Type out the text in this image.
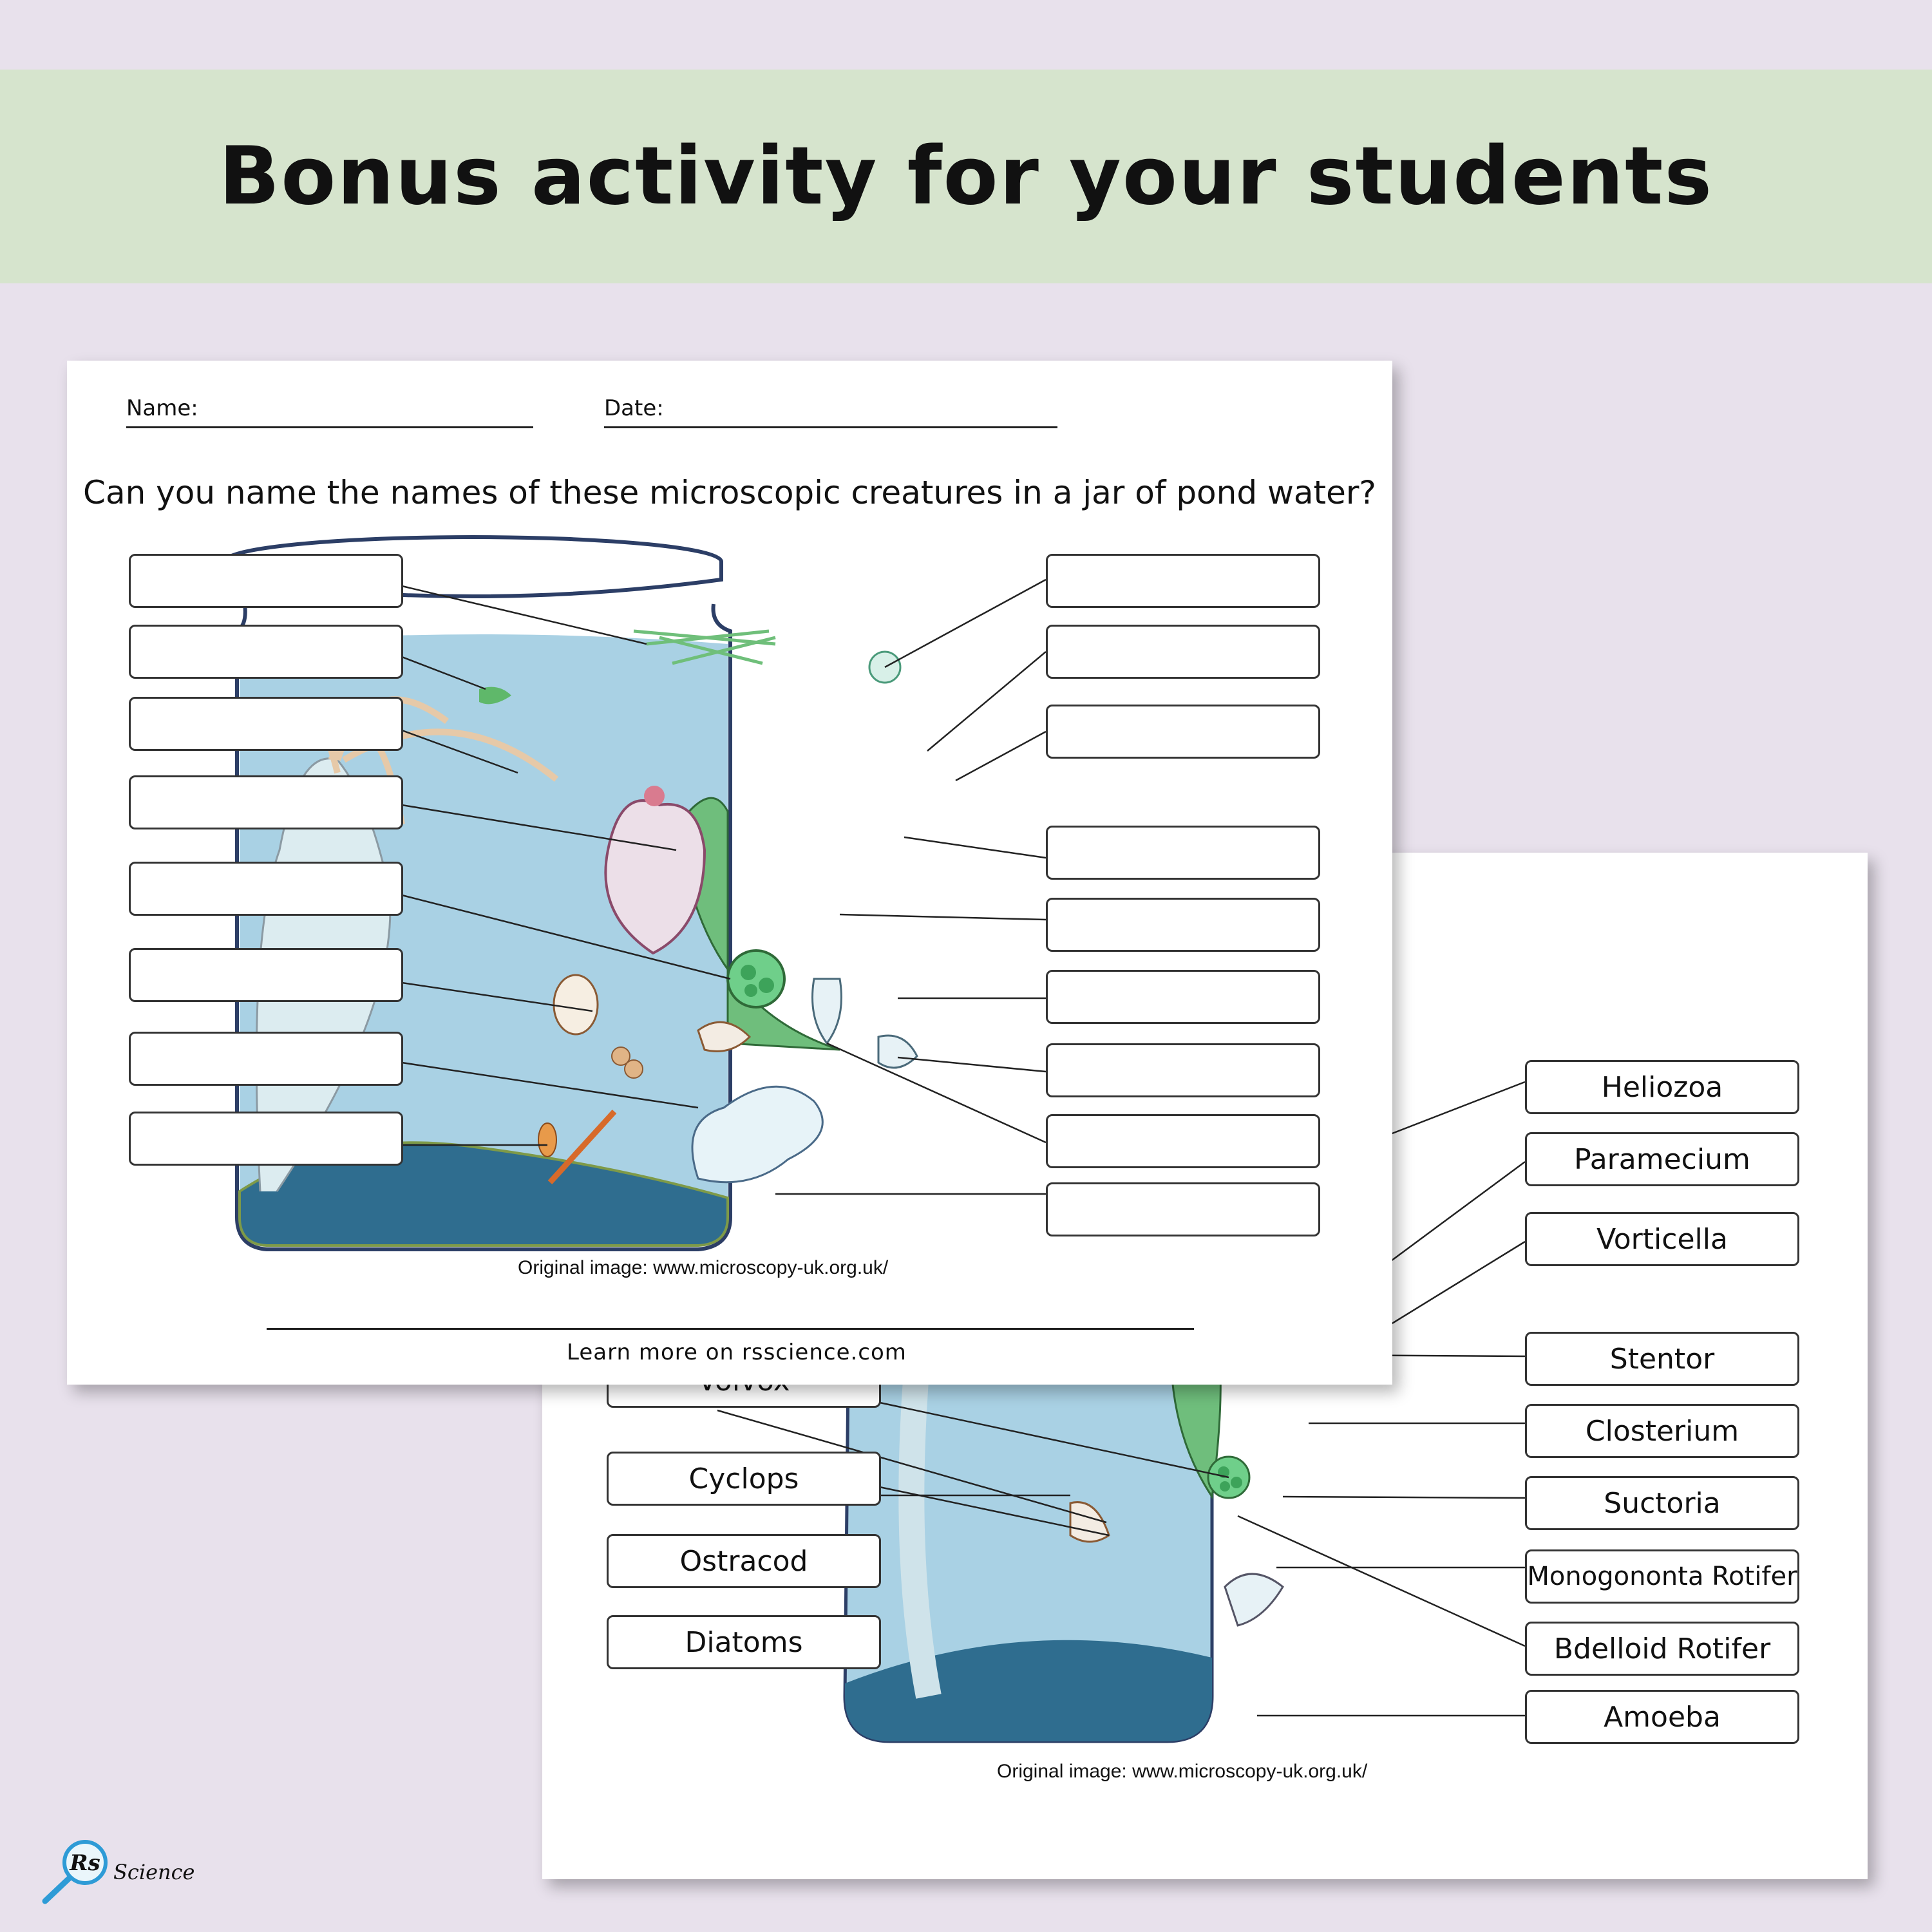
Bonus activity for your students
Cyclops
Ostracod
Diatoms
Heliozoa
Paramecium
Vorticella
Stentor
Closterium
Suctoria
Monogononta Rotifer
Bdelloid Rotifer
Amoeba
Original image: www.microscopy-uk.org.uk/
Name:	Date:
Can you name the names of these microscopic creatures in a jar of pond water?
Original image: www.microscopy-uk.org.uk/
Learn more on rsscience.com
Rs Science
